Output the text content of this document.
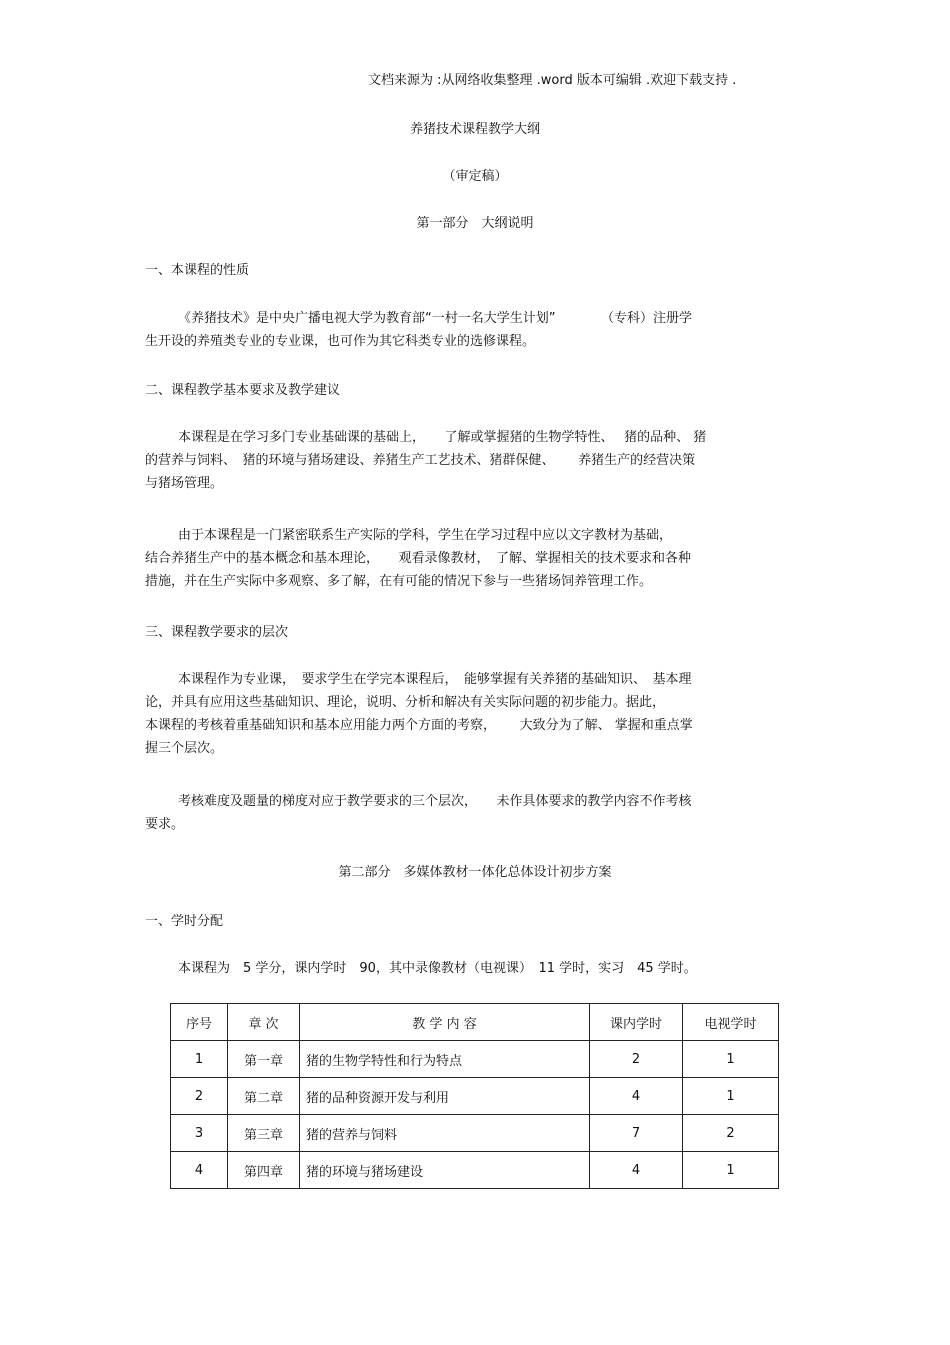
文档来源为 :从网络收集整理 .word 版本可编辑 .欢迎下载支持 .
养猪技术课程教学大纲
（审定稿）
第一部分　大纲说明
一、本课程的性质
《养猪技术》是中央广播电视大学为教育部“一村一名大学生计划”　　　　（专科）注册学
生开设的养殖类专业的专业课，也可作为其它科类专业的选修课程。
二、课程教学基本要求及教学建议
本课程是在学习多门专业基础课的基础上，　　了解或掌握猪的生物学特性、　 猪的品种、 猪
的营养与饲料、　猪的环境与猪场建设、养猪生产工艺技术、猪群保健、　　 养猪生产的经营决策
与猪场管理。
由于本课程是一门紧密联系生产实际的学科，学生在学习过程中应以文字教材为基础，
结合养猪生产中的基本概念和基本理论，　　观看录像教材，　了解、掌握相关的技术要求和各种
措施，并在生产实际中多观察、多了解，在有可能的情况下参与一些猪场饲养管理工作。
三、课程教学要求的层次
本课程作为专业课，　要求学生在学完本课程后，　能够掌握有关养猪的基础知识、　基本理
论，并具有应用这些基础知识、理论，说明、分析和解决有关实际问题的初步能力。据此，
本课程的考核着重基础知识和基本应用能力两个方面的考察，　　 大致分为了解、 掌握和重点掌
握三个层次。
考核难度及题量的梯度对应于教学要求的三个层次，　　未作具体要求的教学内容不作考核
要求。
第二部分　多媒体教材一体化总体设计初步方案
一、学时分配
本课程为　5 学分，课内学时　90，其中录像教材（电视课）　11 学时，实习　45 学时。
序号	章 次	教 学 内 容	课内学时	电视学时
1	第一章	猪的生物学特性和行为特点	2	1
2	第二章	猪的品种资源开发与利用	4	1
3	第三章	猪的营养与饲料	7	2
4	第四章	猪的环境与猪场建设	4	1
